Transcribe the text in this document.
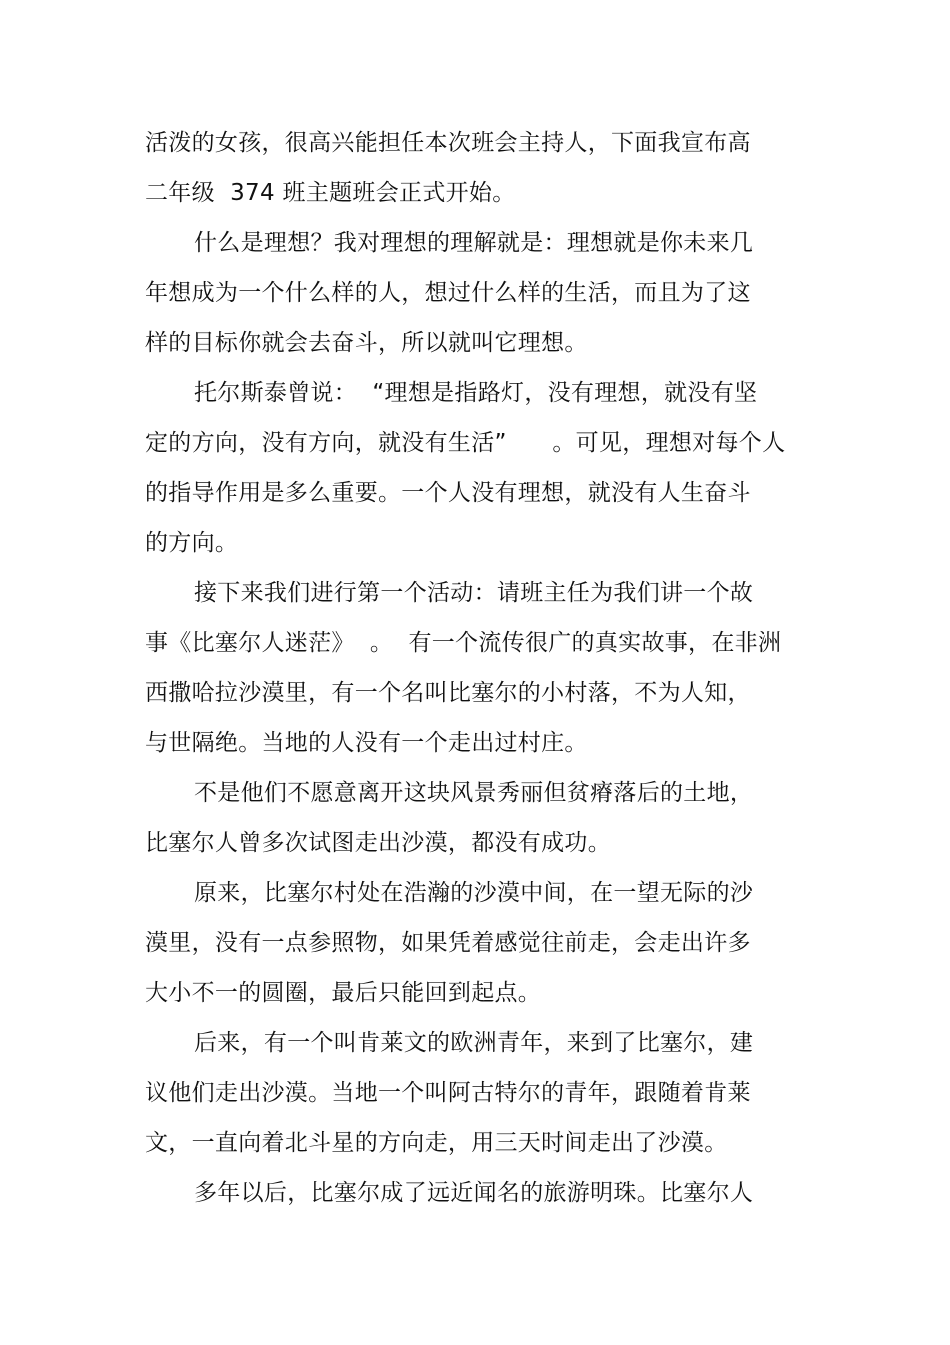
活泼的女孩，很高兴能担任本次班会主持人，下面我宣布高
二年级  374 班主题班会正式开始。
什么是理想？我对理想的理解就是：理想就是你未来几
年想成为一个什么样的人，想过什么样的生活，而且为了这
样的目标你就会去奋斗，所以就叫它理想。
托尔斯泰曾说：  “理想是指路灯，没有理想，就没有坚
定的方向，没有方向，就没有生活”      。可见，理想对每个人
的指导作用是多么重要。一个人没有理想，就没有人生奋斗
的方向。
接下来我们进行第一个活动：请班主任为我们讲一个故
事《比塞尔人迷茫》  。  有一个流传很广的真实故事，在非洲
西撒哈拉沙漠里，有一个名叫比塞尔的小村落，不为人知，
与世隔绝。当地的人没有一个走出过村庄。
不是他们不愿意离开这块风景秀丽但贫瘠落后的土地，
比塞尔人曾多次试图走出沙漠，都没有成功。
原来，比塞尔村处在浩瀚的沙漠中间，在一望无际的沙
漠里，没有一点参照物，如果凭着感觉往前走，会走出许多
大小不一的圆圈，最后只能回到起点。
后来，有一个叫肯莱文的欧洲青年，来到了比塞尔，建
议他们走出沙漠。当地一个叫阿古特尔的青年，跟随着肯莱
文，一直向着北斗星的方向走，用三天时间走出了沙漠。
多年以后，比塞尔成了远近闻名的旅游明珠。比塞尔人
